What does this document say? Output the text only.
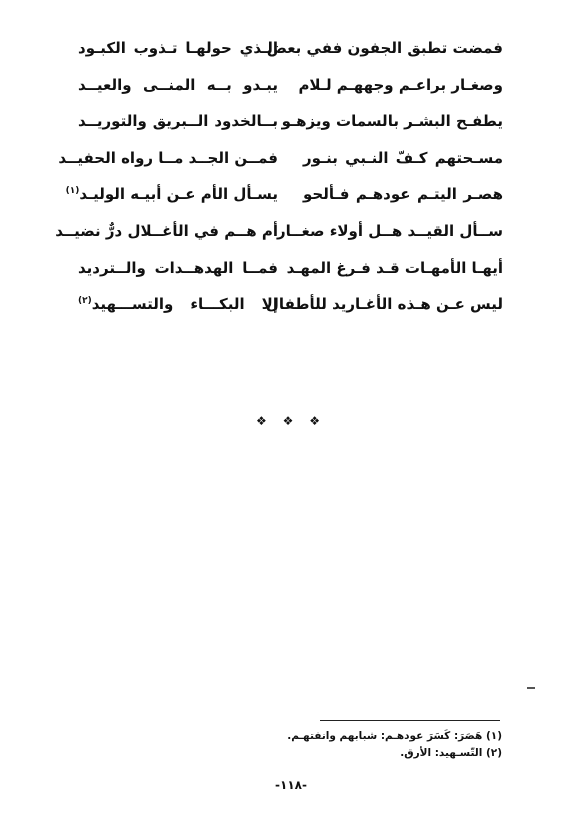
فمضت تطبق الجفون ففي بعض
الـذي حولهـا تـذوب الكبـود
وصغـار براعـم وجههـم لـلام
يبـدو بــه المنــى والعيــد
يطفـح البشـر بالسمات ويزهـو
بــالخدود الــبريق والتوريــد
مسـحتهم كـفّ النـبي بنـور
فمــن الجــد مــا رواه الحفيــد
هصـر اليتـم عودهـم فـألحو
يسـأل الأم عـن أبيـه الوليـد$^{(١)}$
ســأل القيــد هــل أولاء صغــار
أم هــم في الأغــلال درٌّ نضيــد
أيهـا الأمهـات قـد فـرغ المهـد
فمــا الهدهــدات والــترديد
ليس عـن هـذه الأغـاريد للأطفال
إلا البكـــاء والتســـهيد$^{(٢)}$
❖ ❖ ❖
(١) هَصَرَ: كَسَرَ عودهـم: شبابهم وانفتهـم.
(٢) التّسـهيد: الأرق.
-١١٨-
